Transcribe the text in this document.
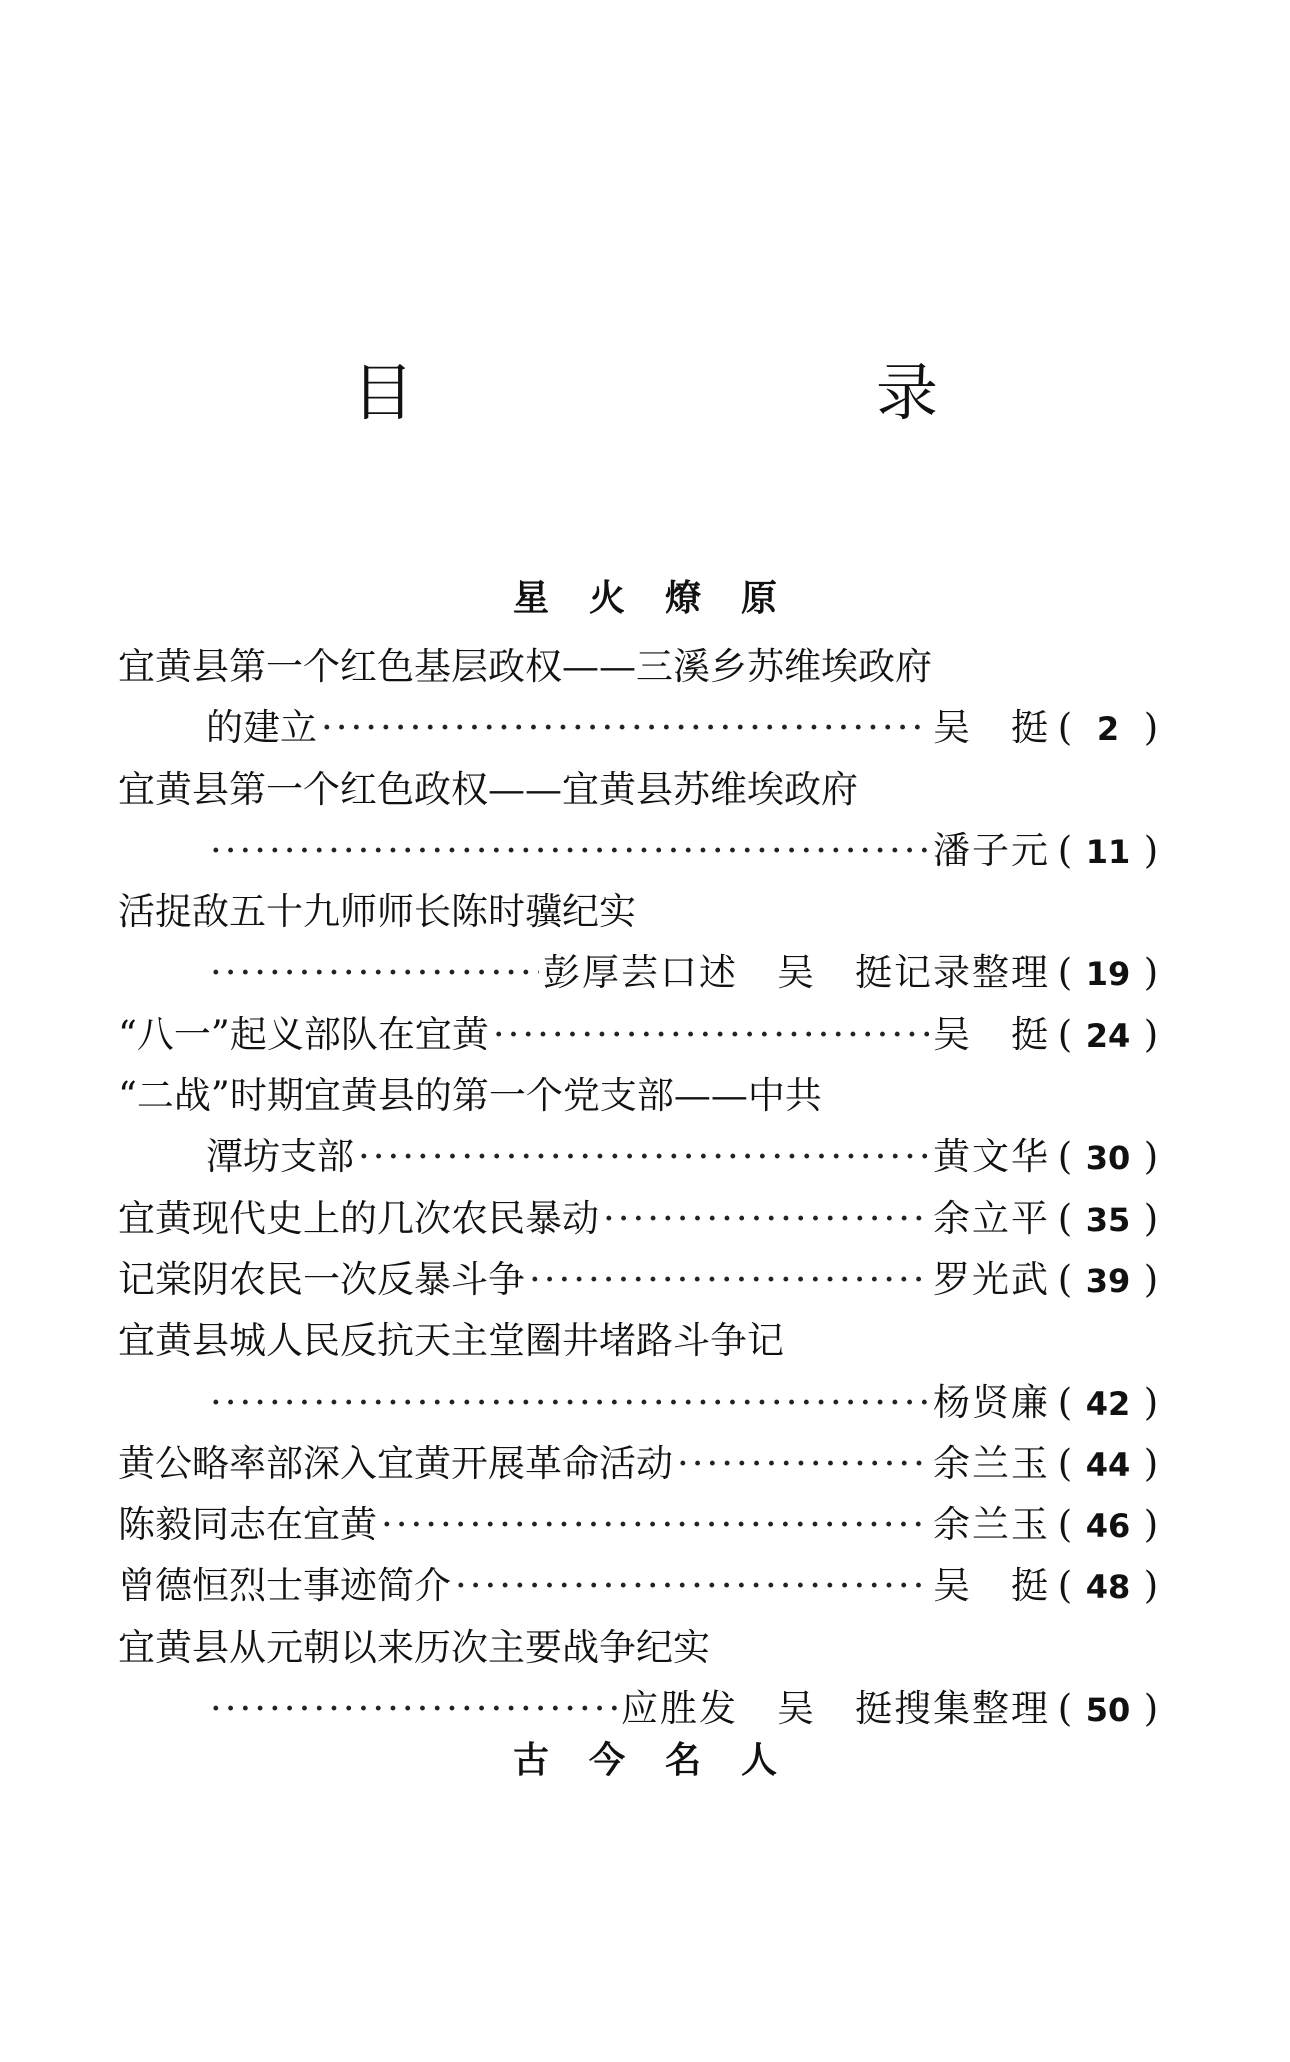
目　录
星火燎原
宜黄县第一个红色基层政权——三溪乡苏维埃政府
的建立 ·····	吴　挺 ( 2 )
宜黄县第一个红色政权——宜黄县苏维埃政府
·····
潘子元 ( 11 )
活捉敌五十九师师长陈时骥纪实
·····
彭厚芸口述　吴　挺记录整理 ( 19 )
“八一”起义部队在宜黄 ·····	吴　挺 ( 24 )
“二战”时期宜黄县的第一个党支部——中共
潭坊支部 ·····	黄文华 ( 30 )
宜黄现代史上的几次农民暴动 ·····	余立平 ( 35 )
记棠阴农民一次反暴斗争 ·····	罗光武 ( 39 )
宜黄县城人民反抗天主堂圈井堵路斗争记
·····
杨贤廉 ( 42 )
黄公略率部深入宜黄开展革命活动 ·····	余兰玉 ( 44 )
陈毅同志在宜黄 ·····	余兰玉 ( 46 )
曾德恒烈士事迹简介 ·····	吴　挺 ( 48 )
宜黄县从元朝以来历次主要战争纪实
·····
应胜发　吴　挺搜集整理 ( 50 )
古今名人
